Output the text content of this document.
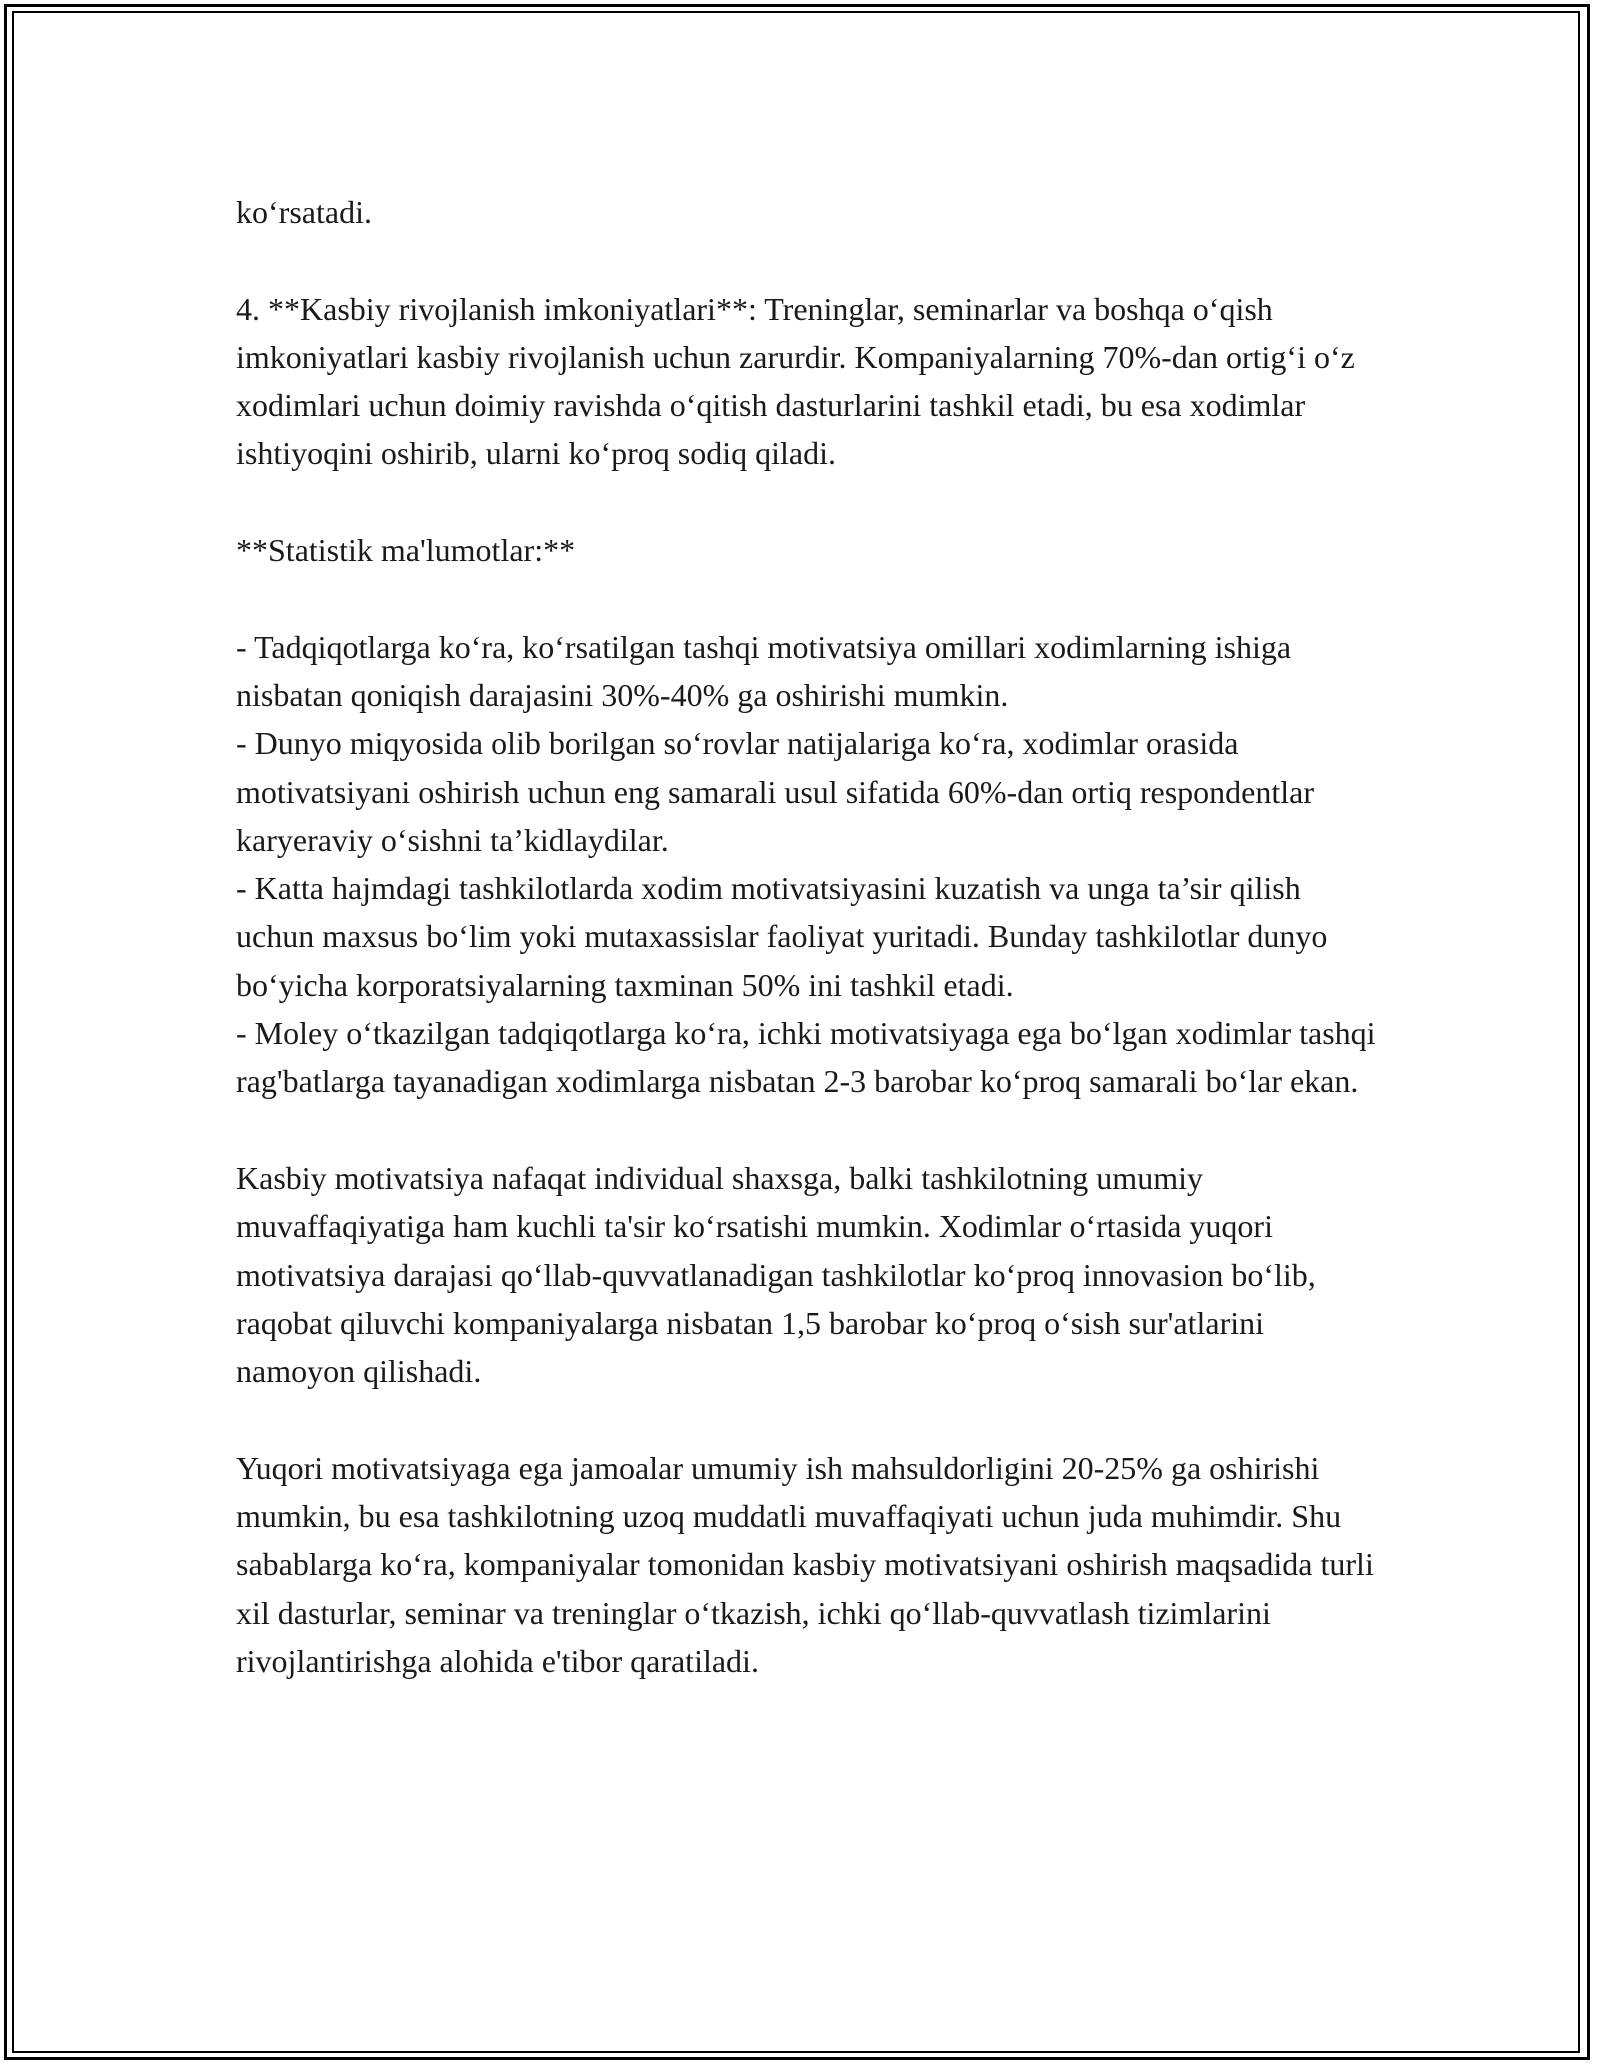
ko‘rsatadi.

4. **Kasbiy rivojlanish imkoniyatlari**: Treninglar, seminarlar va boshqa o‘qish imkoniyatlari kasbiy rivojlanish uchun zarurdir. Kompaniyalarning 70%-dan ortig‘i o‘z xodimlari uchun doimiy ravishda o‘qitish dasturlarini tashkil etadi, bu esa xodimlar ishtiyoqini oshirib, ularni ko‘proq sodiq qiladi.

**Statistik ma'lumotlar:**

- Tadqiqotlarga ko‘ra, ko‘rsatilgan tashqi motivatsiya omillari xodimlarning ishiga nisbatan qoniqish darajasini 30%-40% ga oshirishi mumkin.

- Dunyo miqyosida olib borilgan so‘rovlar natijalariga ko‘ra, xodimlar orasida motivatsiyani oshirish uchun eng samarali usul sifatida 60%-dan ortiq respondentlar karyeraviy o‘sishni ta’kidlaydilar.

- Katta hajmdagi tashkilotlarda xodim motivatsiyasini kuzatish va unga ta’sir qilish uchun maxsus bo‘lim yoki mutaxassislar faoliyat yuritadi. Bunday tashkilotlar dunyo bo‘yicha korporatsiyalarning taxminan 50% ini tashkil etadi.

- Moley o‘tkazilgan tadqiqotlarga ko‘ra, ichki motivatsiyaga ega bo‘lgan xodimlar tashqi rag'batlarga tayanadigan xodimlarga nisbatan 2-3 barobar ko‘proq samarali bo‘lar ekan.

Kasbiy motivatsiya nafaqat individual shaxsga, balki tashkilotning umumiy muvaffaqiyatiga ham kuchli ta'sir ko‘rsatishi mumkin. Xodimlar o‘rtasida yuqori motivatsiya darajasi qo‘llab-quvvatlanadigan tashkilotlar ko‘proq innovasion bo‘lib, raqobat qiluvchi kompaniyalarga nisbatan 1,5 barobar ko‘proq o‘sish sur'atlarini namoyon qilishadi.

Yuqori motivatsiyaga ega jamoalar umumiy ish mahsuldorligini 20-25% ga oshirishi mumkin, bu esa tashkilotning uzoq muddatli muvaffaqiyati uchun juda muhimdir. Shu sabablarga ko‘ra, kompaniyalar tomonidan kasbiy motivatsiyani oshirish maqsadida turli xil dasturlar, seminar va treninglar o‘tkazish, ichki qo‘llab-quvvatlash tizimlarini rivojlantirishga alohida e'tibor qaratiladi.
